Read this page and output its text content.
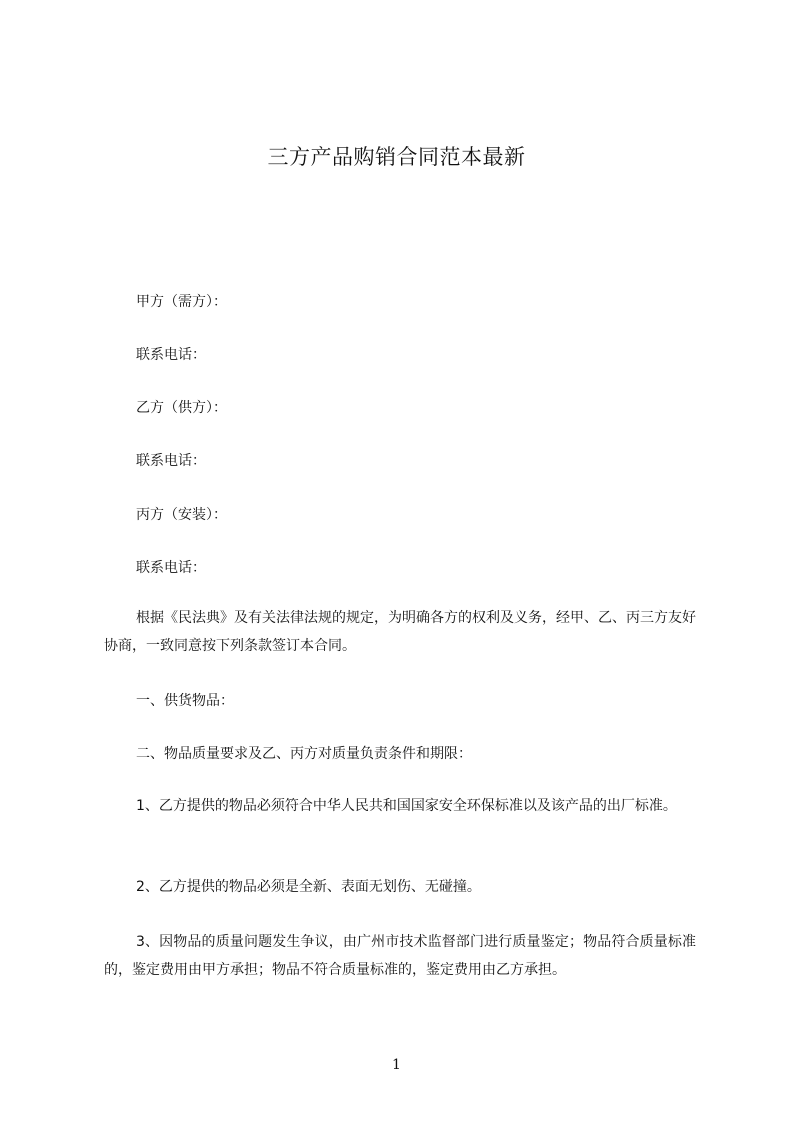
三方产品购销合同范本最新

甲方（需方）：

联系电话：

乙方（供方）：

联系电话：

丙方（安装）：

联系电话：

根据《民法典》及有关法律法规的规定，为明确各方的权利及义务，经甲、乙、丙三方友好协商，一致同意按下列条款签订本合同。

一、供货物品：

二、物品质量要求及乙、丙方对质量负责条件和期限：

1、乙方提供的物品必须符合中华人民共和国国家安全环保标准以及该产品的出厂标准。

2、乙方提供的物品必须是全新、表面无划伤、无碰撞。

3、因物品的质量问题发生争议，由广州市技术监督部门进行质量鉴定；物品符合质量标准的，鉴定费用由甲方承担；物品不符合质量标准的，鉴定费用由乙方承担。

1
